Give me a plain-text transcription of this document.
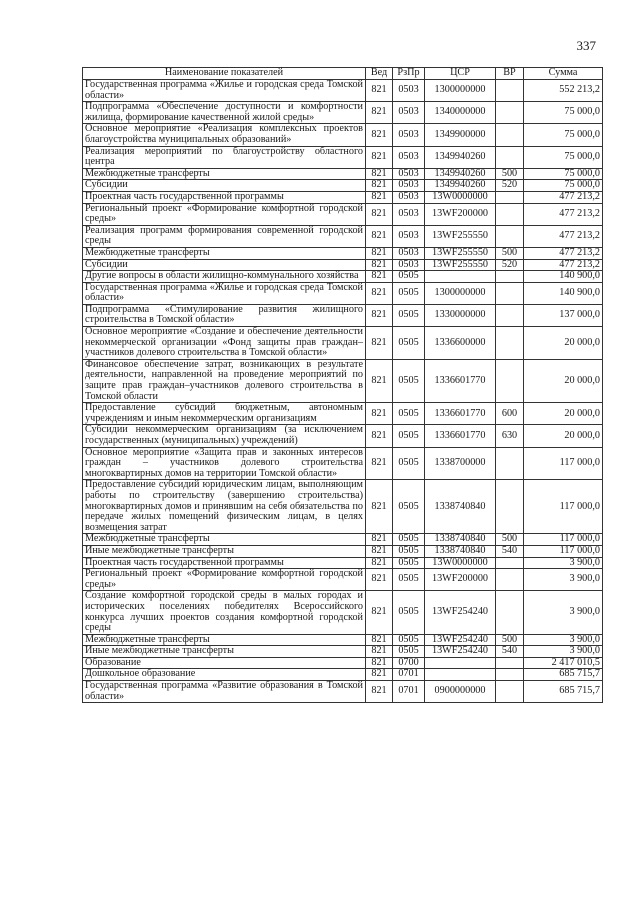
337
Наименование показателей	Вед	РзПр	ЦСР	ВР	Сумма
Государственная программа «Жилье и городская среда Томской области»	821	0503	1300000000		552 213,2
Подпрограмма «Обеспечение доступности и комфортности жилища, формирование качественной жилой среды»	821	0503	1340000000		75 000,0
Основное мероприятие «Реализация комплексных проектов благоустройства муниципальных образований»	821	0503	1349900000		75 000,0
Реализация мероприятий по благоустройству областного центра	821	0503	1349940260		75 000,0
Межбюджетные трансферты	821	0503	1349940260	500	75 000,0
Субсидии	821	0503	1349940260	520	75 000,0
Проектная часть государственной программы	821	0503	13W0000000		477 213,2
Региональный проект «Формирование комфортной городской среды»	821	0503	13WF200000		477 213,2
Реализация программ формирования современной городской среды	821	0503	13WF255550		477 213,2
Межбюджетные трансферты	821	0503	13WF255550	500	477 213,2
Субсидии	821	0503	13WF255550	520	477 213,2
Другие вопросы в области жилищно-коммунального хозяйства	821	0505			140 900,0
Государственная программа «Жилье и городская среда Томской области»	821	0505	1300000000		140 900,0
Подпрограмма «Стимулирование развития жилищного строительства в Томской области»	821	0505	1330000000		137 000,0
Основное мероприятие «Создание и обеспечение деятельности некоммерческой организации «Фонд защиты прав граждан–участников долевого строительства в Томской области»	821	0505	1336600000		20 000,0
Финансовое обеспечение затрат, возникающих в результате деятельности, направленной на проведение мероприятий по защите прав граждан–участников долевого строительства в Томской области	821	0505	1336601770		20 000,0
Предоставление субсидий бюджетным, автономным учреждениям и иным некоммерческим организациям	821	0505	1336601770	600	20 000,0
Субсидии некоммерческим организациям (за исключением государственных (муниципальных) учреждений)	821	0505	1336601770	630	20 000,0
Основное мероприятие «Защита прав и законных интересов граждан – участников долевого строительства многоквартирных домов на территории Томской области»	821	0505	1338700000		117 000,0
Предоставление субсидий юридическим лицам, выполняющим работы по строительству (завершению строительства) многоквартирных домов и принявшим на себя обязательства по передаче жилых помещений физическим лицам, в целях возмещения затрат	821	0505	1338740840		117 000,0
Межбюджетные трансферты	821	0505	1338740840	500	117 000,0
Иные межбюджетные трансферты	821	0505	1338740840	540	117 000,0
Проектная часть государственной программы	821	0505	13W0000000		3 900,0
Региональный проект «Формирование комфортной городской среды»	821	0505	13WF200000		3 900,0
Создание комфортной городской среды в малых городах и исторических поселениях победителях Всероссийского конкурса лучших проектов создания комфортной городской среды	821	0505	13WF254240		3 900,0
Межбюджетные трансферты	821	0505	13WF254240	500	3 900,0
Иные межбюджетные трансферты	821	0505	13WF254240	540	3 900,0
Образование	821	0700			2 417 010,5
Дошкольное образование	821	0701			685 715,7
Государственная программа «Развитие образования в Томской области»	821	0701	0900000000		685 715,7
